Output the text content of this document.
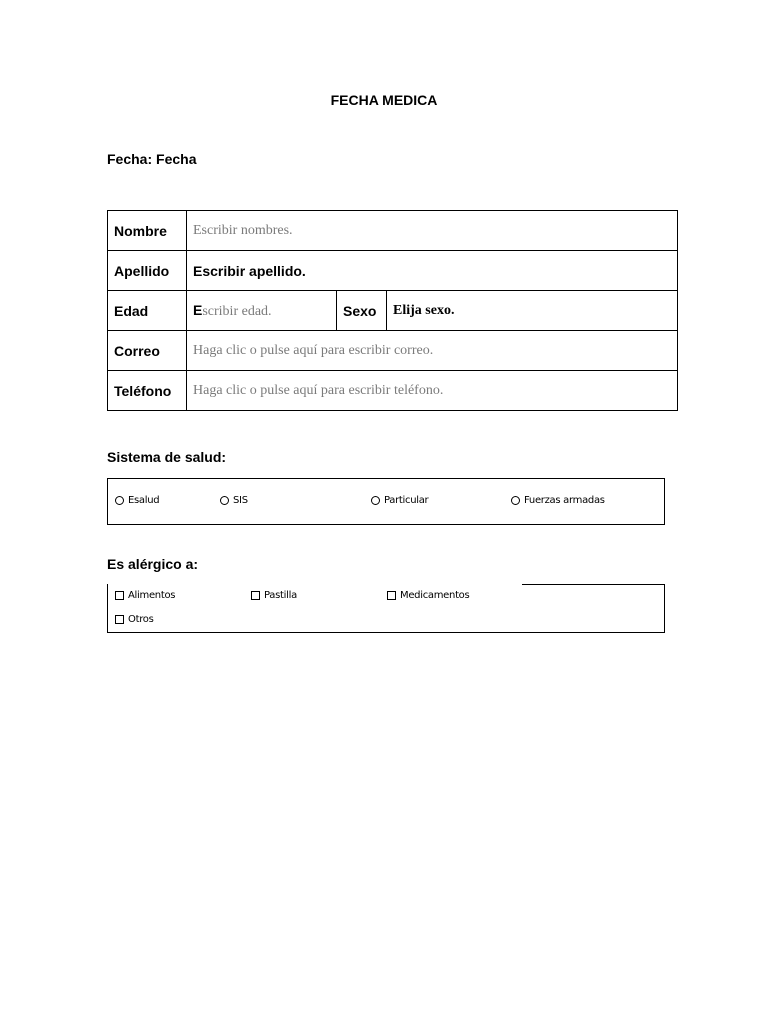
FECHA MEDICA
Fecha: Fecha
Nombre	Escribir nombres.		
Apellido	Escribir apellido.		
Edad	Escribir edad.	Sexo	Elija sexo.
Correo	Haga clic o pulse aquí para escribir correo.		
Teléfono	Haga clic o pulse aquí para escribir teléfono.		
Sistema de salud:
Esalud	SIS	Particular	Fuerzas armadas
Es alérgico a:
Alimentos	Pastilla	Medicamentos
Otros
